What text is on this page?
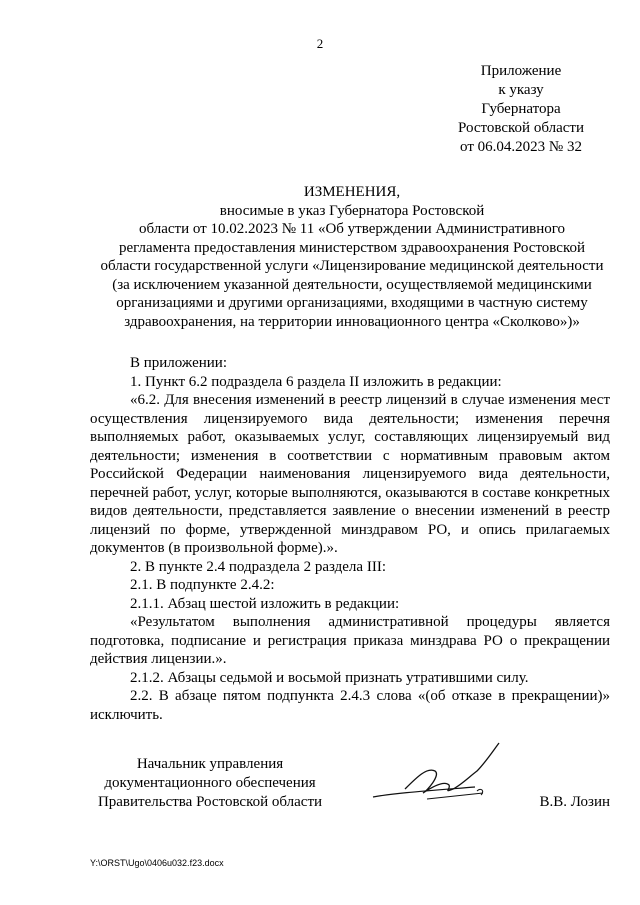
2
Приложение
к указу
Губернатора
Ростовской области
от 06.04.2023 № 32
ИЗМЕНЕНИЯ,
вносимые в указ Губернатора Ростовской
области от 10.02.2023 № 11 «Об утверждении Административного
регламента предоставления министерством здравоохранения Ростовской
области государственной услуги «Лицензирование медицинской деятельности
(за исключением указанной деятельности, осуществляемой медицинскими
организациями и другими организациями, входящими в частную систему
здравоохранения, на территории инновационного центра «Сколково»)»

В приложении:

1. Пункт 6.2 подраздела 6 раздела II изложить в редакции:

«6.2. Для внесения изменений в реестр лицензий в случае изменения мест осуществления лицензируемого вида деятельности; изменения перечня выполняемых работ, оказываемых услуг, составляющих лицензируемый вид деятельности; изменения в соответствии с нормативным правовым актом Российской Федерации наименования лицензируемого вида деятельности, перечней работ, услуг, которые выполняются, оказываются в составе конкретных видов деятельности, представляется заявление о внесении изменений в реестр лицензий по форме, утвержденной минздравом РО, и опись прилагаемых документов (в произвольной форме).».

2. В пункте 2.4 подраздела 2 раздела III:

2.1. В подпункте 2.4.2:

2.1.1. Абзац шестой изложить в редакции:

«Результатом выполнения административной процедуры является подготовка, подписание и регистрация приказа минздрава РО о прекращении действия лицензии.».

2.1.2. Абзацы седьмой и восьмой признать утратившими силу.

2.2. В абзаце пятом подпункта 2.4.3 слова «(об отказе в прекращении)» исключить.

Начальник управления
документационного обеспечения
Правительства Ростовской области	В.В. Лозин
Y:\ORST\Ugo\0406u032.f23.docx
